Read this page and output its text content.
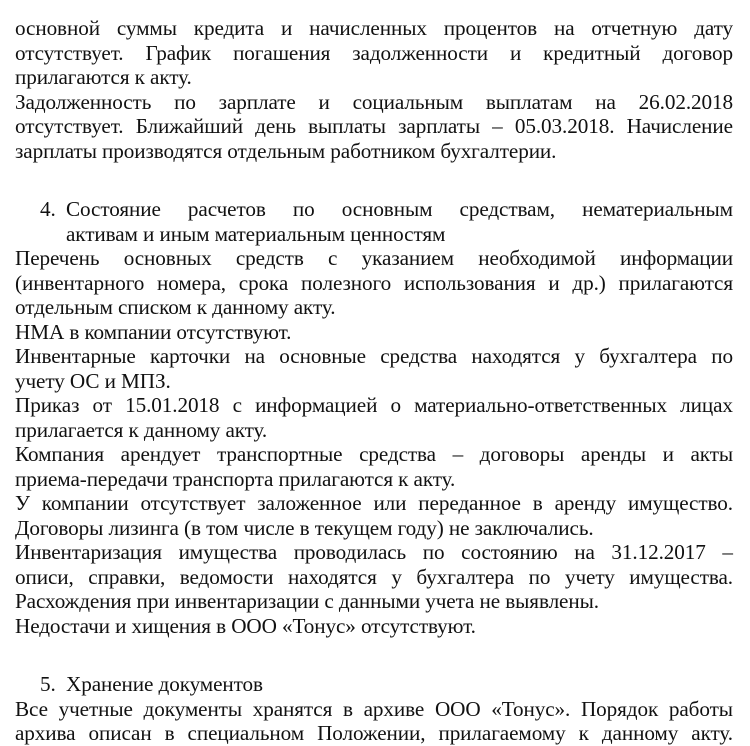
основной суммы кредита и начисленных процентов на отчетную дату
отсутствует. График погашения задолженности и кредитный договор
прилагаются к акту.

Задолженность по зарплате и социальным выплатам на 26.02.2018
отсутствует. Ближайший день выплаты зарплаты – 05.03.2018. Начисление
зарплаты производятся отдельным работником бухгалтерии.

4. Состояние расчетов по основным средствам, нематериальным
активам и иным материальным ценностям

Перечень основных средств с указанием необходимой информации
(инвентарного номера, срока полезного использования и др.) прилагаются
отдельным списком к данному акту.

НМА в компании отсутствуют.

Инвентарные карточки на основные средства находятся у бухгалтера по
учету ОС и МПЗ.

Приказ от 15.01.2018 с информацией о материально-ответственных лицах
прилагается к данному акту.

Компания арендует транспортные средства – договоры аренды и акты
приема-передачи транспорта прилагаются к акту.

У компании отсутствует заложенное или переданное в аренду имущество.

Договоры лизинга (в том числе в текущем году) не заключались.

Инвентаризация имущества проводилась по состоянию на 31.12.2017 –
описи, справки, ведомости находятся у бухгалтера по учету имущества.

Расхождения при инвентаризации с данными учета не выявлены.

Недостачи и хищения в ООО «Тонус» отсутствуют.

5. Хранение документов

Все учетные документы хранятся в архиве ООО «Тонус». Порядок работы
архива описан в специальном Положении, прилагаемому к данному акту.
